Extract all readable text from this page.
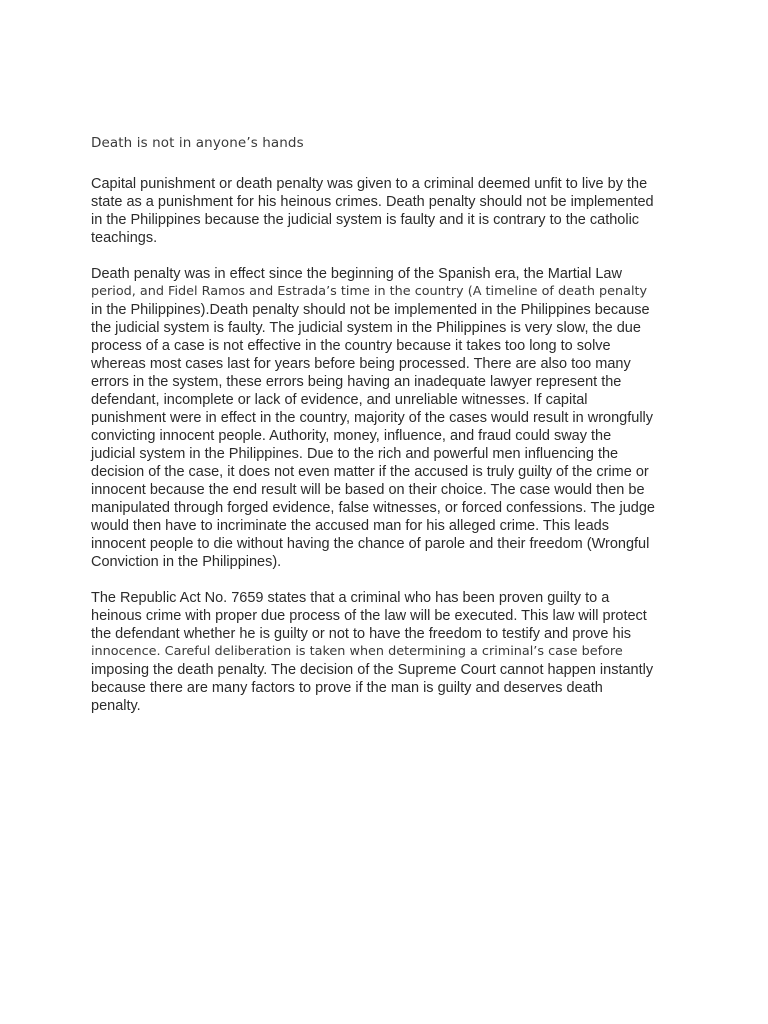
Death is not in anyone’s hands

Capital punishment or death penalty was given to a criminal deemed unfit to live by the
state as a punishment for his heinous crimes. Death penalty should not be implemented
in the Philippines because the judicial system is faulty and it is contrary to the catholic
teachings.

Death penalty was in effect since the beginning of the Spanish era, the Martial Law
period, and Fidel Ramos and Estrada’s time in the country (A timeline of death penalty
in the Philippines).Death penalty should not be implemented in the Philippines because
the judicial system is faulty. The judicial system in the Philippines is very slow, the due
process of a case is not effective in the country because it takes too long to solve
whereas most cases last for years before being processed. There are also too many
errors in the system, these errors being having an inadequate lawyer represent the
defendant, incomplete or lack of evidence, and unreliable witnesses. If capital
punishment were in effect in the country, majority of the cases would result in wrongfully
convicting innocent people. Authority, money, influence, and fraud could sway the
judicial system in the Philippines. Due to the rich and powerful men influencing the
decision of the case, it does not even matter if the accused is truly guilty of the crime or
innocent because the end result will be based on their choice. The case would then be
manipulated through forged evidence, false witnesses, or forced confessions. The judge
would then have to incriminate the accused man for his alleged crime. This leads
innocent people to die without having the chance of parole and their freedom (Wrongful
Conviction in the Philippines).

The Republic Act No. 7659 states that a criminal who has been proven guilty to a
heinous crime with proper due process of the law will be executed. This law will protect
the defendant whether he is guilty or not to have the freedom to testify and prove his
innocence. Careful deliberation is taken when determining a criminal’s case before
imposing the death penalty. The decision of the Supreme Court cannot happen instantly
because there are many factors to prove if the man is guilty and deserves death
penalty.
